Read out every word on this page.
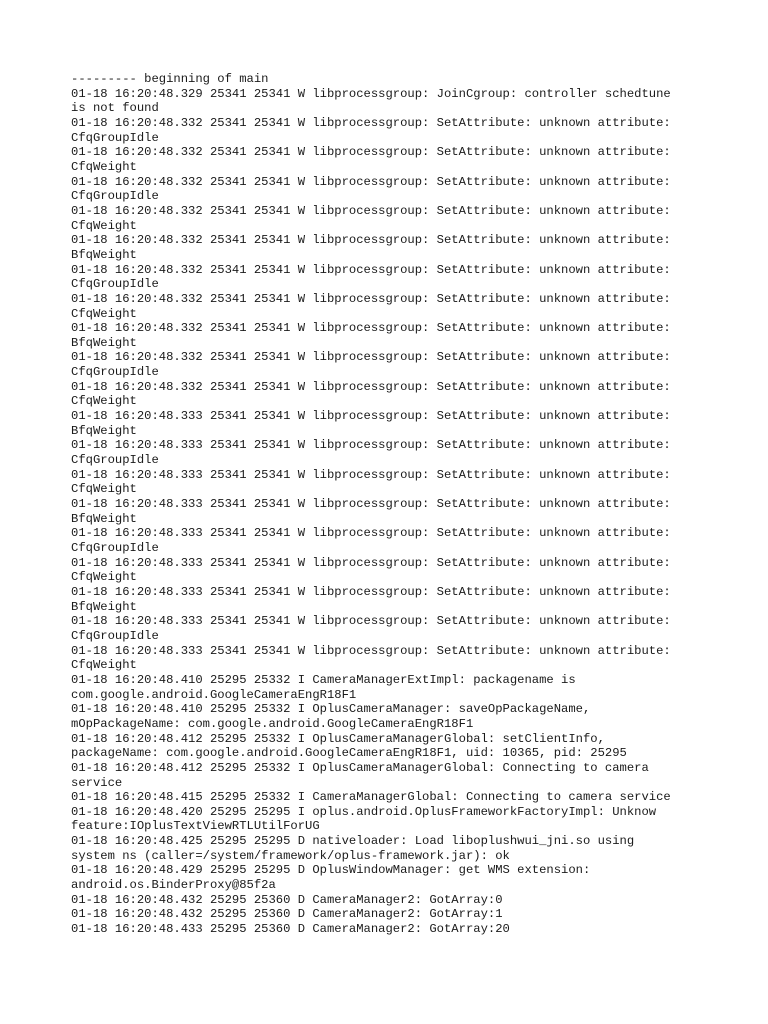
--------- beginning of main
01-18 16:20:48.329 25341 25341 W libprocessgroup: JoinCgroup: controller schedtune
is not found
01-18 16:20:48.332 25341 25341 W libprocessgroup: SetAttribute: unknown attribute:
CfqGroupIdle
01-18 16:20:48.332 25341 25341 W libprocessgroup: SetAttribute: unknown attribute:
CfqWeight
01-18 16:20:48.332 25341 25341 W libprocessgroup: SetAttribute: unknown attribute:
CfqGroupIdle
01-18 16:20:48.332 25341 25341 W libprocessgroup: SetAttribute: unknown attribute:
CfqWeight
01-18 16:20:48.332 25341 25341 W libprocessgroup: SetAttribute: unknown attribute:
BfqWeight
01-18 16:20:48.332 25341 25341 W libprocessgroup: SetAttribute: unknown attribute:
CfqGroupIdle
01-18 16:20:48.332 25341 25341 W libprocessgroup: SetAttribute: unknown attribute:
CfqWeight
01-18 16:20:48.332 25341 25341 W libprocessgroup: SetAttribute: unknown attribute:
BfqWeight
01-18 16:20:48.332 25341 25341 W libprocessgroup: SetAttribute: unknown attribute:
CfqGroupIdle
01-18 16:20:48.332 25341 25341 W libprocessgroup: SetAttribute: unknown attribute:
CfqWeight
01-18 16:20:48.333 25341 25341 W libprocessgroup: SetAttribute: unknown attribute:
BfqWeight
01-18 16:20:48.333 25341 25341 W libprocessgroup: SetAttribute: unknown attribute:
CfqGroupIdle
01-18 16:20:48.333 25341 25341 W libprocessgroup: SetAttribute: unknown attribute:
CfqWeight
01-18 16:20:48.333 25341 25341 W libprocessgroup: SetAttribute: unknown attribute:
BfqWeight
01-18 16:20:48.333 25341 25341 W libprocessgroup: SetAttribute: unknown attribute:
CfqGroupIdle
01-18 16:20:48.333 25341 25341 W libprocessgroup: SetAttribute: unknown attribute:
CfqWeight
01-18 16:20:48.333 25341 25341 W libprocessgroup: SetAttribute: unknown attribute:
BfqWeight
01-18 16:20:48.333 25341 25341 W libprocessgroup: SetAttribute: unknown attribute:
CfqGroupIdle
01-18 16:20:48.333 25341 25341 W libprocessgroup: SetAttribute: unknown attribute:
CfqWeight
01-18 16:20:48.410 25295 25332 I CameraManagerExtImpl: packagename is
com.google.android.GoogleCameraEngR18F1
01-18 16:20:48.410 25295 25332 I OplusCameraManager: saveOpPackageName,
mOpPackageName: com.google.android.GoogleCameraEngR18F1
01-18 16:20:48.412 25295 25332 I OplusCameraManagerGlobal: setClientInfo,
packageName: com.google.android.GoogleCameraEngR18F1, uid: 10365, pid: 25295
01-18 16:20:48.412 25295 25332 I OplusCameraManagerGlobal: Connecting to camera
service
01-18 16:20:48.415 25295 25332 I CameraManagerGlobal: Connecting to camera service
01-18 16:20:48.420 25295 25295 I oplus.android.OplusFrameworkFactoryImpl: Unknow
feature:IOplusTextViewRTLUtilForUG
01-18 16:20:48.425 25295 25295 D nativeloader: Load liboplushwui_jni.so using
system ns (caller=/system/framework/oplus-framework.jar): ok
01-18 16:20:48.429 25295 25295 D OplusWindowManager: get WMS extension:
android.os.BinderProxy@85f2a
01-18 16:20:48.432 25295 25360 D CameraManager2: GotArray:0
01-18 16:20:48.432 25295 25360 D CameraManager2: GotArray:1
01-18 16:20:48.433 25295 25360 D CameraManager2: GotArray:20
